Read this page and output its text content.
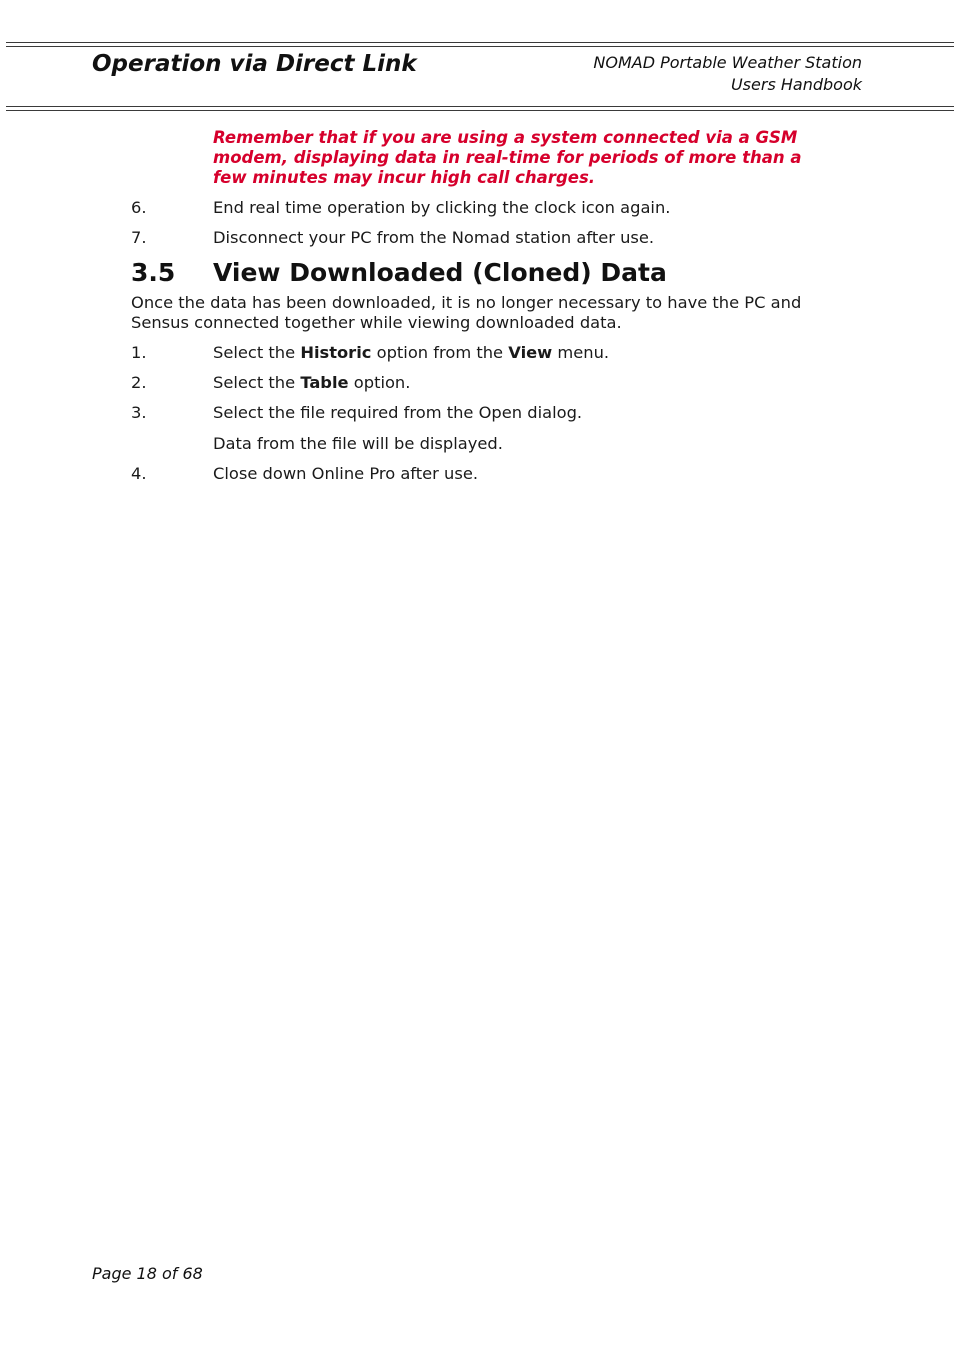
Operation via Direct Link	NOMAD Portable Weather Station
Users Handbook
Remember that if you are using a system connected via a GSM modem, displaying data in real-time for periods of more than a few minutes may incur high call charges.
6.	End real time operation by clicking the clock icon again.
7.	Disconnect your PC from the Nomad station after use.
3.5 View Downloaded (Cloned) Data
Once the data has been downloaded, it is no longer necessary to have the PC and Sensus connected together while viewing downloaded data.
1.	Select the Historic option from the View menu.
2.	Select the Table option.
3.	Select the file required from the Open dialog.
Data from the file will be displayed.
4.	Close down Online Pro after use.
Page 18 of 68
